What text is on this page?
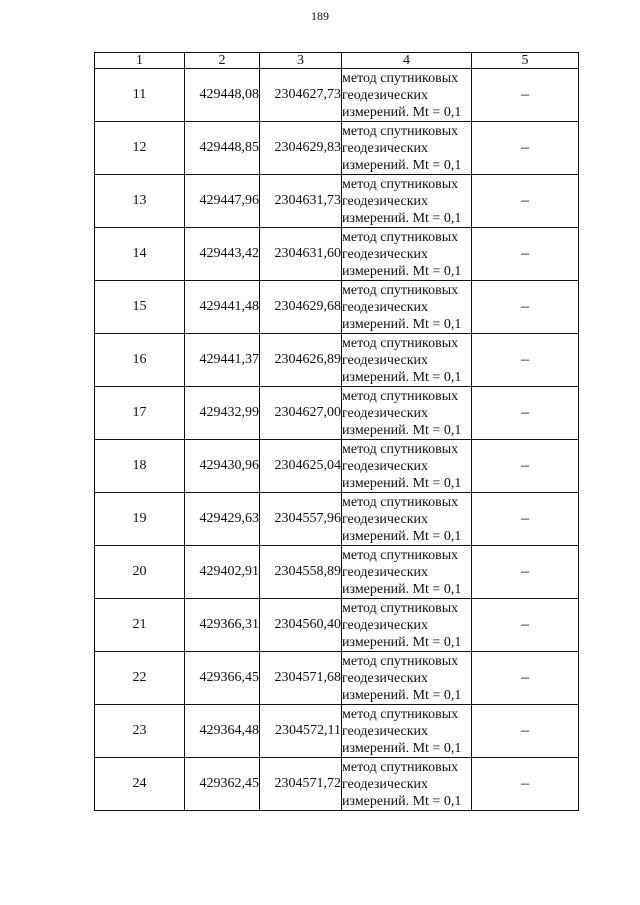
189
1	2	3	4	5
11	429448,08	2304627,73	метод спутниковых
геодезических
измерений. Mt = 0,1	–
12	429448,85	2304629,83	метод спутниковых
геодезических
измерений. Mt = 0,1	–
13	429447,96	2304631,73	метод спутниковых
геодезических
измерений. Mt = 0,1	–
14	429443,42	2304631,60	метод спутниковых
геодезических
измерений. Mt = 0,1	–
15	429441,48	2304629,68	метод спутниковых
геодезических
измерений. Mt = 0,1	–
16	429441,37	2304626,89	метод спутниковых
геодезических
измерений. Mt = 0,1	–
17	429432,99	2304627,00	метод спутниковых
геодезических
измерений. Mt = 0,1	–
18	429430,96	2304625,04	метод спутниковых
геодезических
измерений. Mt = 0,1	–
19	429429,63	2304557,96	метод спутниковых
геодезических
измерений. Mt = 0,1	–
20	429402,91	2304558,89	метод спутниковых
геодезических
измерений. Mt = 0,1	–
21	429366,31	2304560,40	метод спутниковых
геодезических
измерений. Mt = 0,1	–
22	429366,45	2304571,68	метод спутниковых
геодезических
измерений. Mt = 0,1	–
23	429364,48	2304572,11	метод спутниковых
геодезических
измерений. Mt = 0,1	–
24	429362,45	2304571,72	метод спутниковых
геодезических
измерений. Mt = 0,1	–
